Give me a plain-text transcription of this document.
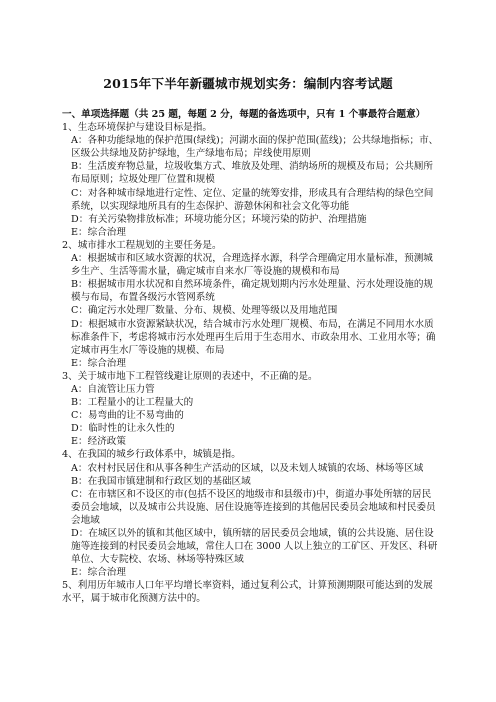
2015年下半年新疆城市规划实务：编制内容考试题
一、单项选择题（共 25 题，每题 2 分，每题的备选项中，只有 1 个事最符合题意）

1、生态环境保护与建设目标是指。

A：各种功能绿地的保护范围(绿线)；河湖水面的保护范围(蓝线)；公共绿地指标；市、区级公共绿地及防护绿地，生产绿地布局；岸线使用原则

B：生活废弃物总量，垃圾收集方式、堆放及处理、消纳场所的规模及布局；公共厕所布局原则；垃圾处理厂位置和规模

C：对各种城市绿地进行定性、定位、定量的统筹安排，形成具有合理结构的绿色空间系统，以实现绿地所具有的生态保护、游憩休闲和社会文化等功能

D：有关污染物排放标准；环境功能分区；环境污染的防护、治理措施

E：综合治理

2、城市排水工程规划的主要任务是。

A：根据城市和区域水资源的状况，合理选择水源，科学合理确定用水量标准，预测城乡生产、生活等需水量，确定城市自来水厂等设施的规模和布局

B：根据城市用水状况和自然环境条件，确定规划期内污水处理量、污水处理设施的规模与布局，布置各级污水管网系统

C：确定污水处理厂数量、分布、规模、处理等级以及用地范围

D：根据城市水资源紧缺状况，结合城市污水处理厂规模、布局，在满足不同用水水质标准条件下，考虑将城市污水处理再生后用于生态用水、市政杂用水、工业用水等；确定城市再生水厂等设施的规模、布局

E：综合治理

3、关于城市地下工程管线避让原则的表述中，不正确的是。

A：自流管让压力管

B：工程量小的让工程量大的

C：易弯曲的让不易弯曲的

D：临时性的让永久性的

E：经济政策

4、在我国的城乡行政体系中，城镇是指。

A：农村村民居住和从事各种生产活动的区域，以及未划人城镇的农场、林场等区域

B：在我国市镇建制和行政区划的基础区域

C：在市辖区和不设区的市(包括不设区的地级市和县级市)中，街道办事处所辖的居民委员会地域，以及城市公共设施、居住设施等连接到的其他居民委员会地域和村民委员会地域

D：在城区以外的镇和其他区域中，镇所辖的居民委员会地域，镇的公共设施、居住设施等连接到的村民委员会地域，常住人口在 3000 人以上独立的工矿区、开发区、科研单位、大专院校、农场、林场等特殊区域

E：综合治理

5、利用历年城市人口年平均增长率资料，通过复利公式，计算预测期限可能达到的发展水平，属于城市化预测方法中的。
